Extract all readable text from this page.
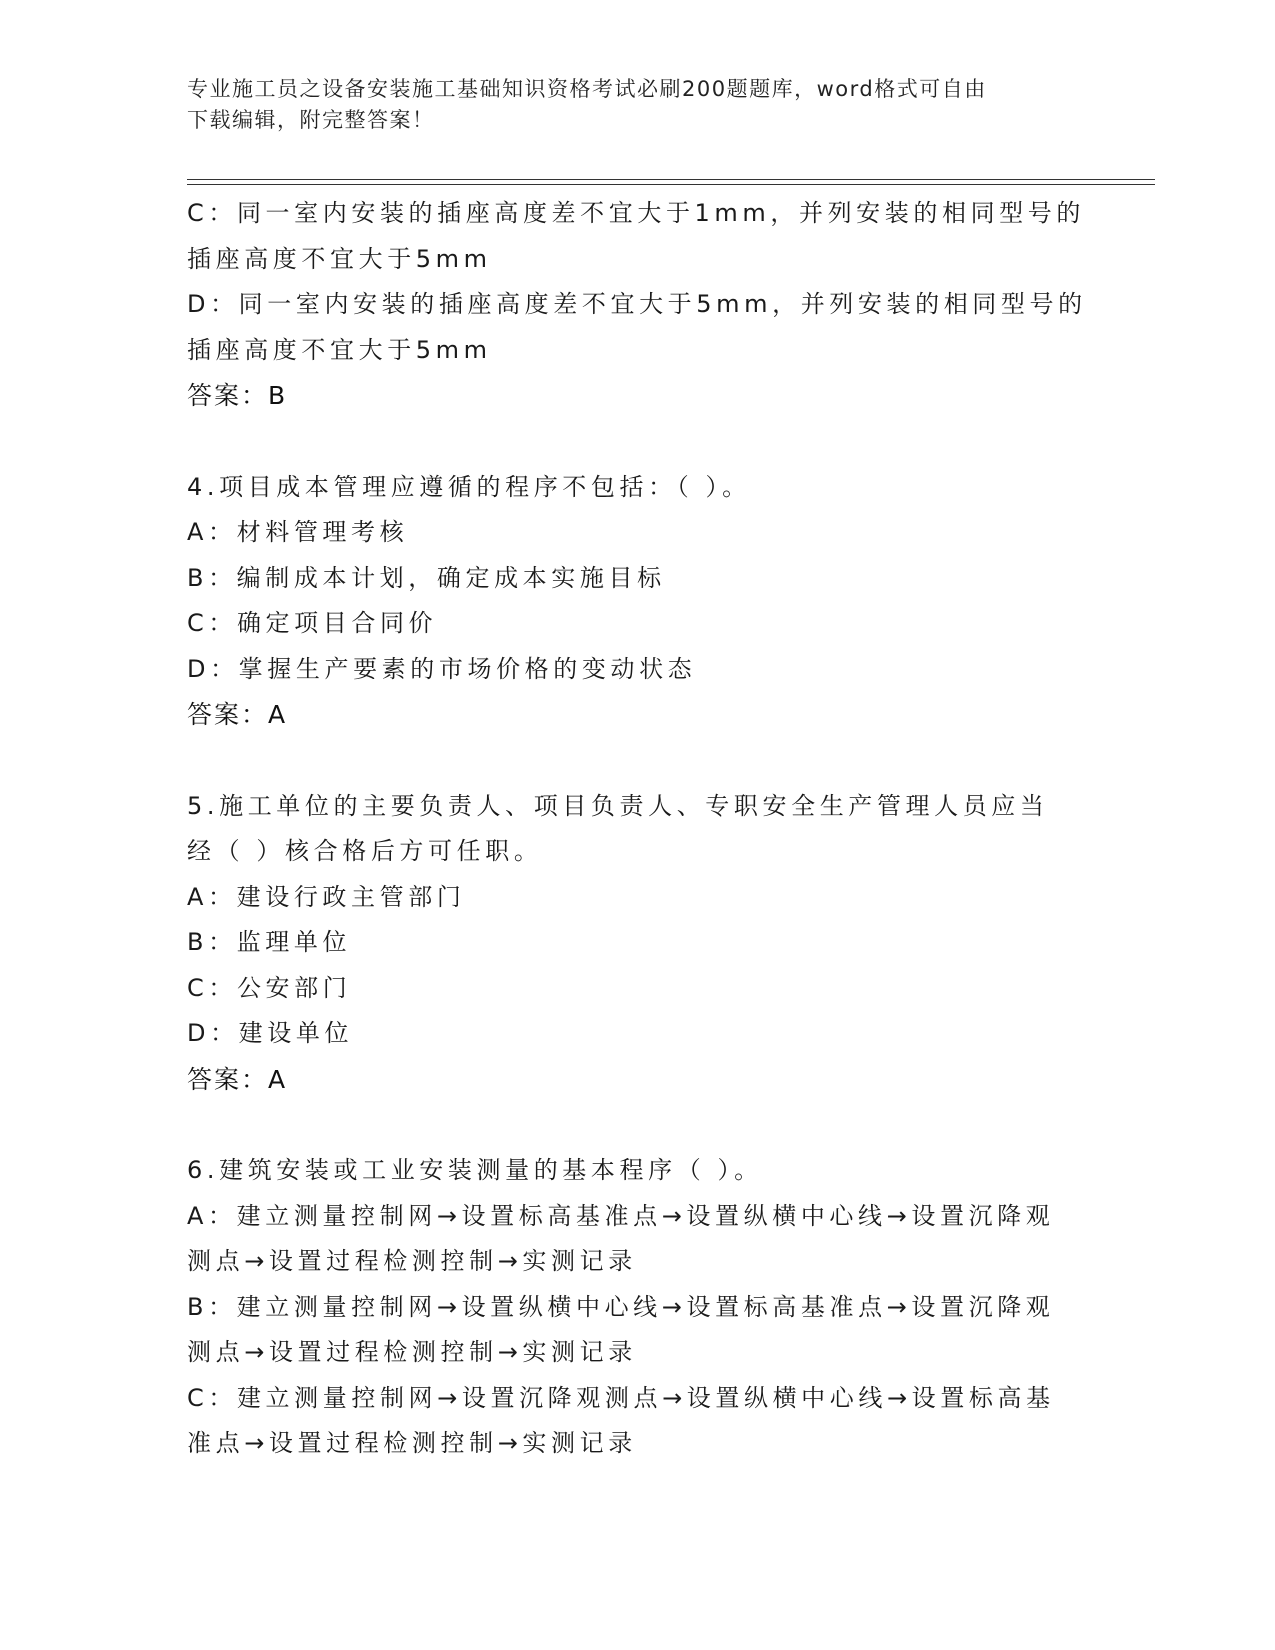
专业施工员之设备安装施工基础知识资格考试必刷200题题库，word格式可自由
下载编辑，附完整答案！
C：同一室内安装的插座高度差不宜大于1mm，并列安装的相同型号的
插座高度不宜大于5mm
D：同一室内安装的插座高度差不宜大于5mm，并列安装的相同型号的
插座高度不宜大于5mm
答案：B
4.项目成本管理应遵循的程序不包括：（ ）。
A：材料管理考核
B：编制成本计划，确定成本实施目标
C：确定项目合同价
D：掌握生产要素的市场价格的变动状态
答案：A
5.施工单位的主要负责人、项目负责人、专职安全生产管理人员应当
经（ ）核合格后方可任职。
A：建设行政主管部门
B：监理单位
C：公安部门
D：建设单位
答案：A
6.建筑安装或工业安装测量的基本程序（ ）。
A：建立测量控制网→设置标高基准点→设置纵横中心线→设置沉降观
测点→设置过程检测控制→实测记录
B：建立测量控制网→设置纵横中心线→设置标高基准点→设置沉降观
测点→设置过程检测控制→实测记录
C：建立测量控制网→设置沉降观测点→设置纵横中心线→设置标高基
准点→设置过程检测控制→实测记录
